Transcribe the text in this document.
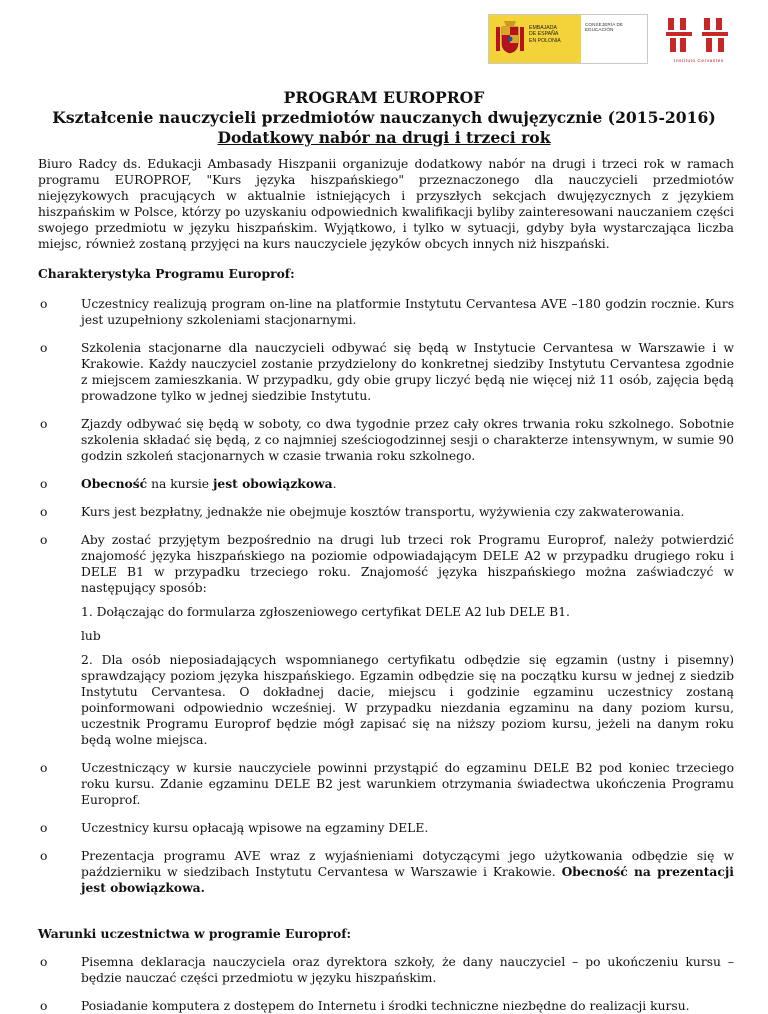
EMBAJADA
DE ESPAÑA
EN POLONIA
CONSEJERÍA DE EDUCACIÓN
Instituto Cervantes
PROGRAM EUROPROF
Kształcenie nauczycieli przedmiotów nauczanych dwujęzycznie (2015-2016)
Dodatkowy nabór na drugi i trzeci rok

Biuro Radcy ds. Edukacji Ambasady Hiszpanii organizuje dodatkowy nabór na drugi i trzeci rok w ramach programu EUROPROF, "Kurs języka hiszpańskiego" przeznaczonego dla nauczycieli przedmiotów niejęzykowych pracujących w aktualnie istniejących i przyszłych sekcjach dwujęzycznych z językiem hiszpańskim w Polsce, którzy po uzyskaniu odpowiednich kwalifikacji byliby zainteresowani nauczaniem części swojego przedmiotu w języku hiszpańskim. Wyjątkowo, i tylko w sytuacji, gdyby była wystarczająca liczba miejsc, również zostaną przyjęci na kurs nauczyciele języków obcych innych niż hiszpański.

Charakterystyka Programu Europrof:

o	Uczestnicy realizują program on-line na platformie Instytutu Cervantesa AVE –180 godzin rocznie. Kurs jest uzupełniony szkoleniami stacjonarnymi.
o	Szkolenia stacjonarne dla nauczycieli odbywać się będą w Instytucie Cervantesa w Warszawie i w Krakowie. Każdy nauczyciel zostanie przydzielony do konkretnej siedziby Instytutu Cervantesa zgodnie z miejscem zamieszkania. W przypadku, gdy obie grupy liczyć będą nie więcej niż 11 osób, zajęcia będą prowadzone tylko w jednej siedzibie Instytutu.
o	Zjazdy odbywać się będą w soboty, co dwa tygodnie przez cały okres trwania roku szkolnego. Sobotnie szkolenia składać się będą, z co najmniej sześciogodzinnej sesji o charakterze intensywnym, w sumie 90 godzin szkoleń stacjonarnych w czasie trwania roku szkolnego.
o	Obecność na kursie jest obowiązkowa.
o	Kurs jest bezpłatny, jednakże nie obejmuje kosztów transportu, wyżywienia czy zakwaterowania.
o	Aby zostać przyjętym bezpośrednio na drugi lub trzeci rok Programu Europrof, należy potwierdzić znajomość języka hiszpańskiego na poziomie odpowiadającym DELE A2 w przypadku drugiego roku i DELE B1 w przypadku trzeciego roku. Znajomość języka hiszpańskiego można zaświadczyć w następujący sposób:

1. Dołączając do formularza zgłoszeniowego certyfikat DELE A2 lub DELE B1.

lub

2. Dla osób nieposiadających wspomnianego certyfikatu odbędzie się egzamin (ustny i pisemny) sprawdzający poziom języka hiszpańskiego. Egzamin odbędzie się na początku kursu w jednej z siedzib Instytutu Cervantesa. O dokładnej dacie, miejscu i godzinie egzaminu uczestnicy zostaną poinformowani odpowiednio wcześniej. W przypadku niezdania egzaminu na dany poziom kursu, uczestnik Programu Europrof będzie mógł zapisać się na niższy poziom kursu, jeżeli na danym roku będą wolne miejsca.

o	Uczestniczący w kursie nauczyciele powinni przystąpić do egzaminu DELE B2 pod koniec trzeciego roku kursu. Zdanie egzaminu DELE B2 jest warunkiem otrzymania świadectwa ukończenia Programu Europrof.
o	Uczestnicy kursu opłacają wpisowe na egzaminy DELE.
o	Prezentacja programu AVE wraz z wyjaśnieniami dotyczącymi jego użytkowania odbędzie się w październiku w siedzibach Instytutu Cervantesa w Warszawie i Krakowie. Obecność na prezentacji jest obowiązkowa.

Warunki uczestnictwa w programie Europrof:

o	Pisemna deklaracja nauczyciela oraz dyrektora szkoły, że dany nauczyciel – po ukończeniu kursu – będzie nauczać części przedmiotu w języku hiszpańskim.
o	Posiadanie komputera z dostępem do Internetu i środki techniczne niezbędne do realizacji kursu.
